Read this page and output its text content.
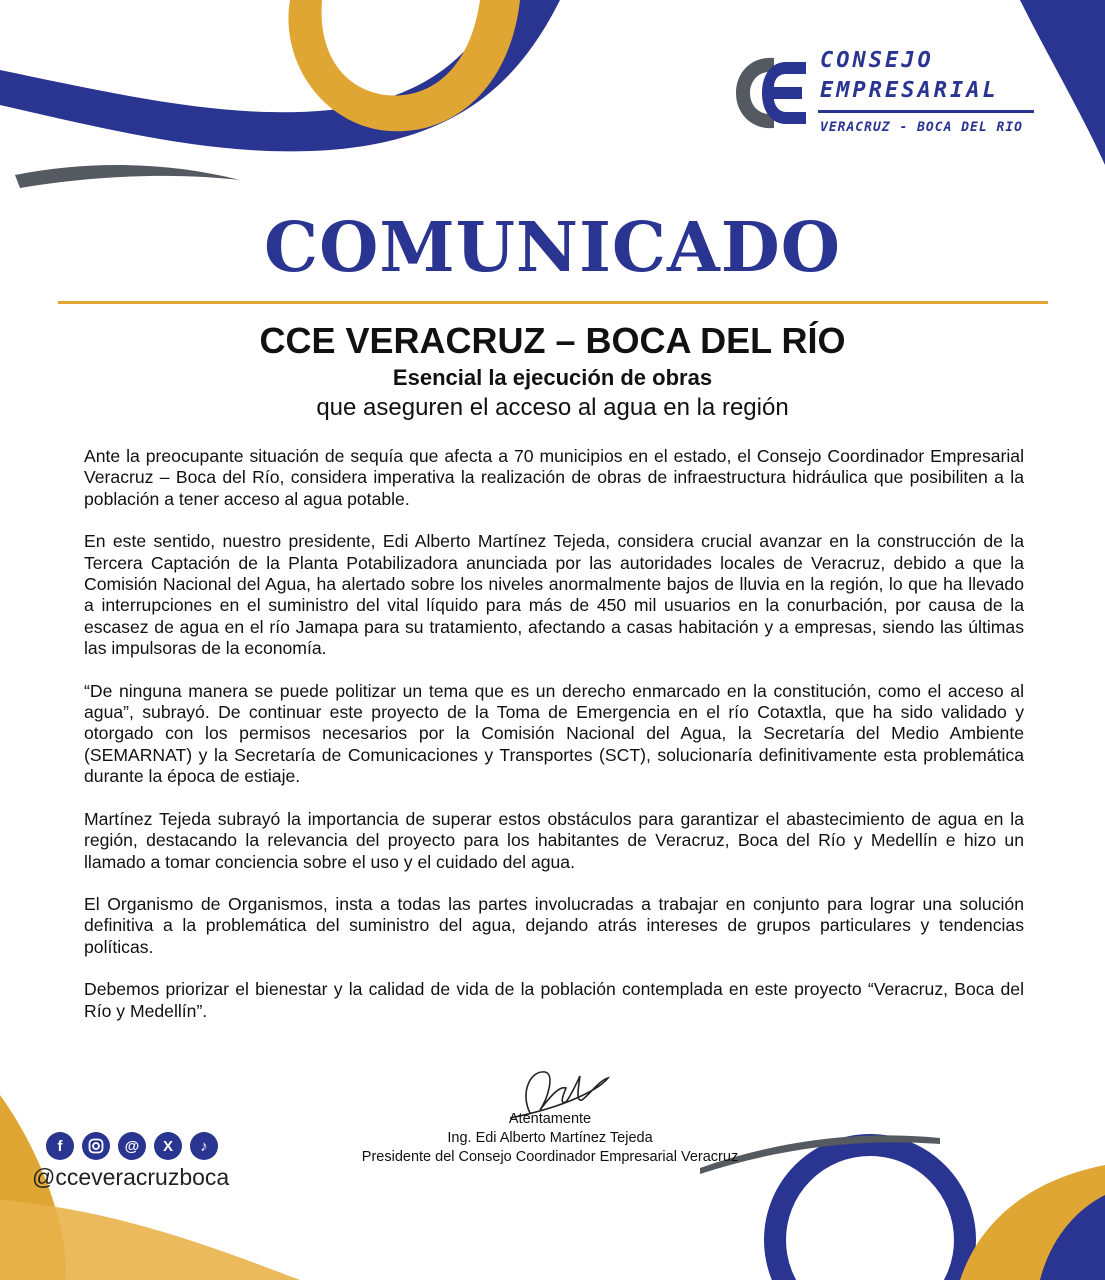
CONSEJO
EMPRESARIAL
VERACRUZ - BOCA DEL RIO
COMUNICADO
CCE VERACRUZ – BOCA DEL RÍO
Esencial la ejecución de obras
que aseguren el acceso al agua en la región

Ante la preocupante situación de sequía que afecta a 70 municipios en el estado, el Consejo Coordinador Empresarial Veracruz – Boca del Río, considera imperativa la realización de obras de infraestructura hidráulica que posibiliten a la población a tener acceso al agua potable.

En este sentido, nuestro presidente, Edi Alberto Martínez Tejeda, considera crucial avanzar en la construcción de la Tercera Captación de la Planta Potabilizadora anunciada por las autoridades locales de Veracruz, debido a que la Comisión Nacional del Agua, ha alertado sobre los niveles anormalmente bajos de lluvia en la región, lo que ha llevado a interrupciones en el suministro del vital líquido para más de 450 mil usuarios en la conurbación, por causa de la escasez de agua en el río Jamapa para su tratamiento, afectando a casas habitación y a empresas, siendo las últimas las impulsoras de la economía.

“De ninguna manera se puede politizar un tema que es un derecho enmarcado en la constitución, como el acceso al agua”, subrayó. De continuar este proyecto de la Toma de Emergencia en el río Cotaxtla, que ha sido validado y otorgado con los permisos necesarios por la Comisión Nacional del Agua, la Secretaría del Medio Ambiente (SEMARNAT) y la Secretaría de Comunicaciones y Transportes (SCT), solucionaría definitivamente esta problemática durante la época de estiaje.

Martínez Tejeda subrayó la importancia de superar estos obstáculos para garantizar el abastecimiento de agua en la región, destacando la relevancia del proyecto para los habitantes de Veracruz, Boca del Río y Medellín e hizo un llamado a tomar conciencia sobre el uso y el cuidado del agua.

El Organismo de Organismos, insta a todas las partes involucradas a trabajar en conjunto para lograr una solución definitiva a la problemática del suministro del agua, dejando atrás intereses de grupos particulares y tendencias políticas.

Debemos priorizar el bienestar y la calidad de vida de la población contemplada en este proyecto “Veracruz, Boca del Río y Medellín”.

Atentamente
Ing. Edi Alberto Martínez Tejeda
Presidente del Consejo Coordinador Empresarial Veracruz
f	@	X	♪
@cceveracruzboca
